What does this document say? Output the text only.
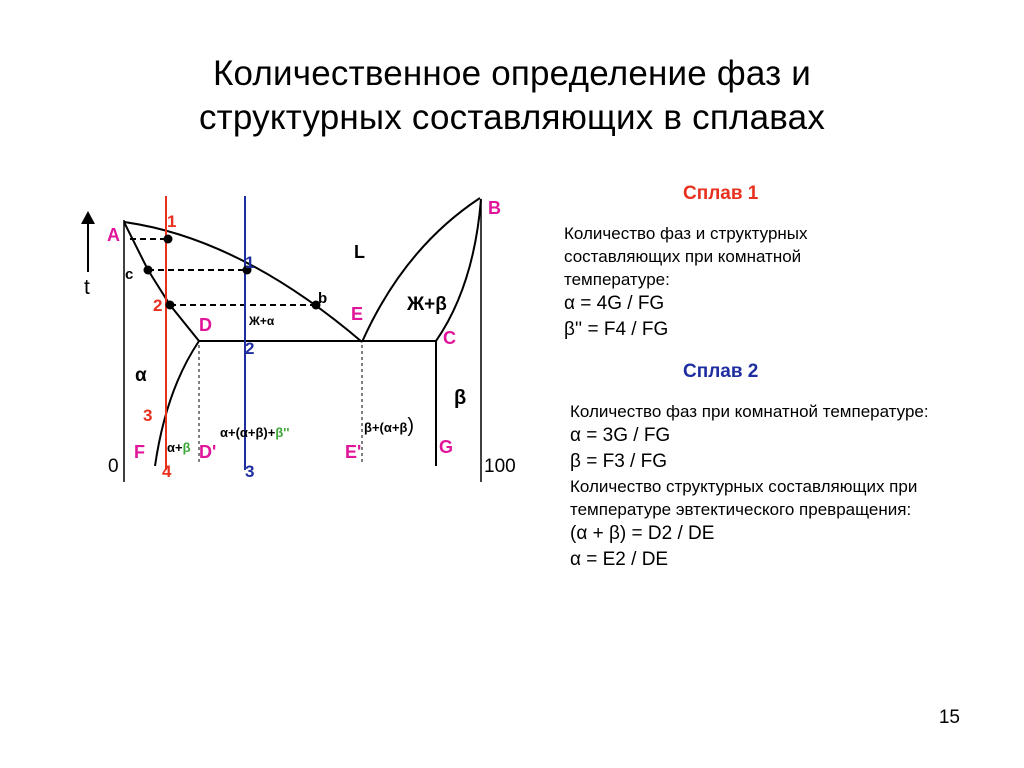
Количественное определение фаз и
структурных составляющих в сплавах
t
0	100
A
B
C
D
E
F	G
D'	E'
c
b
1
2
3
4
1
2
3
L
Ж+β
Ж+α
α
β
α+β
α+(α+β)+β''	β+(α+β)
Сплав 1
Количество фаз и структурных
составляющих при комнатной
температуре:
α = 4G / FG
β'' = F4 / FG
Сплав 2
Количество фаз при комнатной температуре:
α = 3G / FG
β = F3 / FG
Количество структурных составляющих при
температуре эвтектического превращения:
(α + β) = D2 / DE
α = E2 / DE
15
